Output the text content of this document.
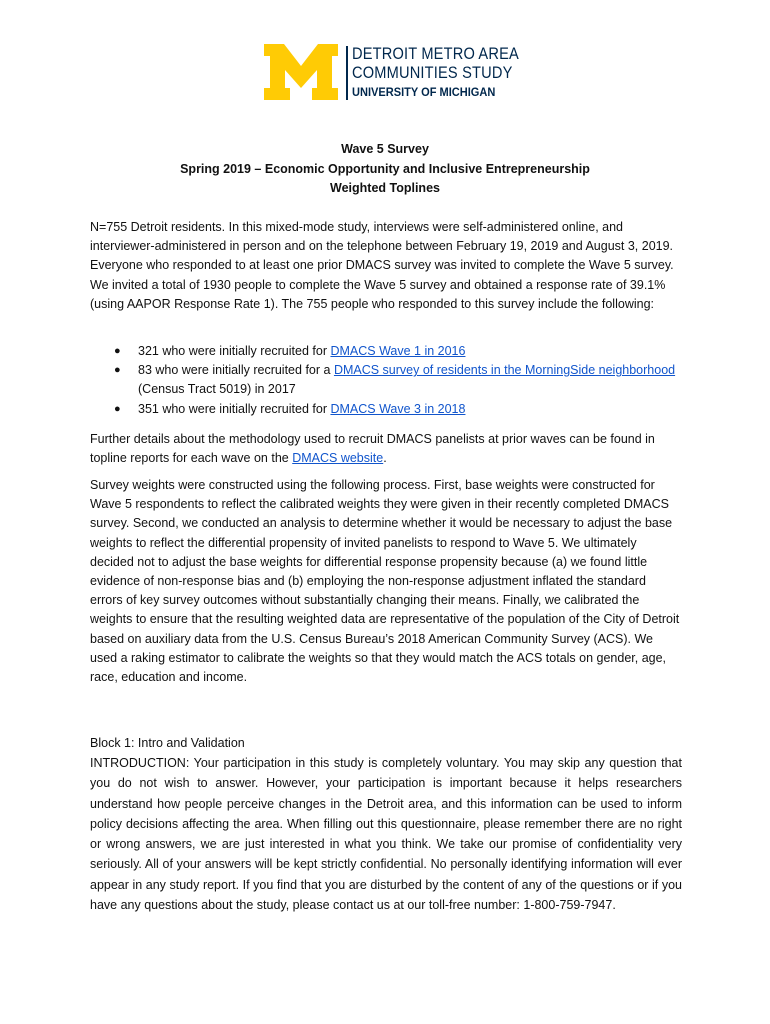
DETROIT METRO AREA
COMMUNITIES STUDY
UNIVERSITY OF MICHIGAN
Wave 5 Survey
Spring 2019 – Economic Opportunity and Inclusive Entrepreneurship
Weighted Toplines
N=755 Detroit residents. In this mixed-mode study, interviews were self-administered online, and interviewer-administered in person and on the telephone between February 19, 2019 and August 3, 2019. Everyone who responded to at least one prior DMACS survey was invited to complete the Wave 5 survey. We invited a total of 1930 people to complete the Wave 5 survey and obtained a response rate of 39.1% (using AAPOR Response Rate 1). The 755 people who responded to this survey include the following:
● 321 who were initially recruited for DMACS Wave 1 in 2016
● 83 who were initially recruited for a DMACS survey of residents in the MorningSide neighborhood (Census Tract 5019) in 2017
● 351 who were initially recruited for DMACS Wave 3 in 2018
Further details about the methodology used to recruit DMACS panelists at prior waves can be found in topline reports for each wave on the DMACS website.
Survey weights were constructed using the following process. First, base weights were constructed for Wave 5 respondents to reflect the calibrated weights they were given in their recently completed DMACS survey. Second, we conducted an analysis to determine whether it would be necessary to adjust the base weights to reflect the differential propensity of invited panelists to respond to Wave 5. We ultimately decided not to adjust the base weights for differential response propensity because (a) we found little evidence of non-response bias and (b) employing the non-response adjustment inflated the standard errors of key survey outcomes without substantially changing their means. Finally, we calibrated the weights to ensure that the resulting weighted data are representative of the population of the City of Detroit based on auxiliary data from the U.S. Census Bureau’s 2018 American Community Survey (ACS). We used a raking estimator to calibrate the weights so that they would match the ACS totals on gender, age, race, education and income.
Block 1: Intro and Validation
INTRODUCTION: Your participation in this study is completely voluntary. You may skip any question that you do not wish to answer. However, your participation is important because it helps researchers understand how people perceive changes in the Detroit area, and this information can be used to inform policy decisions affecting the area. When filling out this questionnaire, please remember there are no right or wrong answers, we are just interested in what you think. We take our promise of confidentiality very seriously. All of your answers will be kept strictly confidential. No personally identifying information will ever appear in any study report. If you find that you are disturbed by the content of any of the questions or if you have any questions about the study, please contact us at our toll-free number: 1-800-759-7947.
